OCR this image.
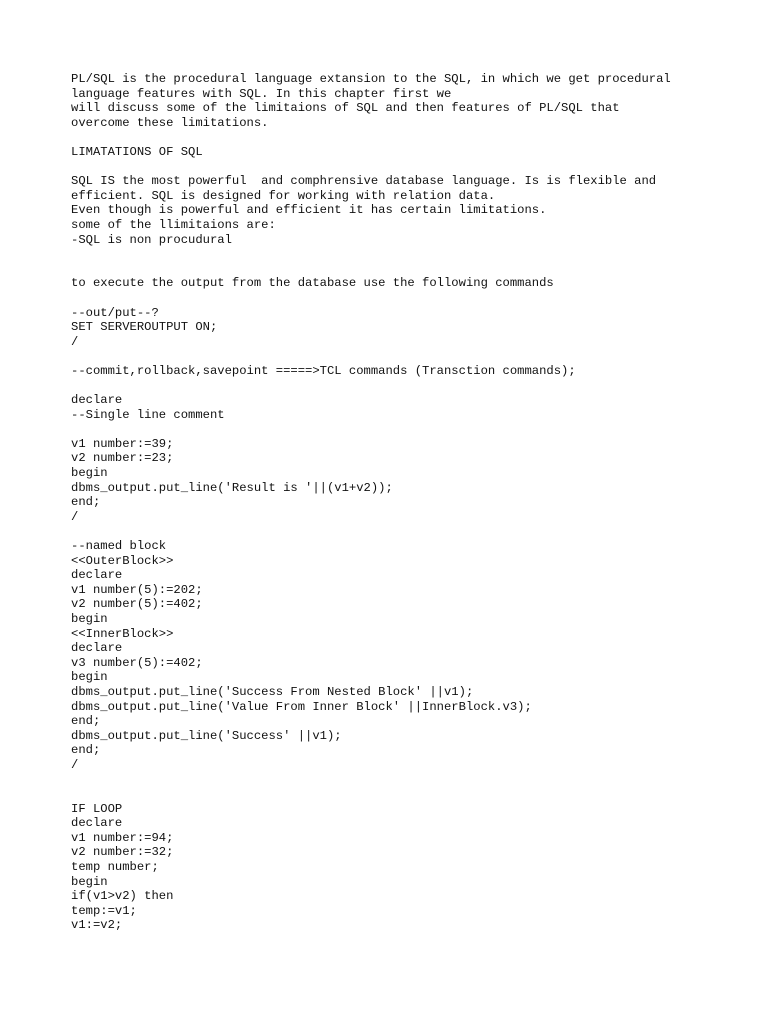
PL/SQL is the procedural language extansion to the SQL, in which we get procedural
language features with SQL. In this chapter first we
will discuss some of the limitaions of SQL and then features of PL/SQL that
overcome these limitations.
LIMATATIONS OF SQL
SQL IS the most powerful  and comphrensive database language. Is is flexible and
efficient. SQL is designed for working with relation data.
Even though is powerful and efficient it has certain limitations.
some of the llimitaions are:
-SQL is non procudural
to execute the output from the database use the following commands
--out/put--?
SET SERVEROUTPUT ON;
/
--commit,rollback,savepoint =====>TCL commands (Transction commands);
declare
--Single line comment
v1 number:=39;
v2 number:=23;
begin
dbms_output.put_line('Result is '||(v1+v2));
end;
/
--named block
<<OuterBlock>>
declare
v1 number(5):=202;
v2 number(5):=402;
begin
<<InnerBlock>>
declare
v3 number(5):=402;
begin
dbms_output.put_line('Success From Nested Block' ||v1);
dbms_output.put_line('Value From Inner Block' ||InnerBlock.v3);
end;
dbms_output.put_line('Success' ||v1);
end;
/
IF LOOP
declare
v1 number:=94;
v2 number:=32;
temp number;
begin
if(v1>v2) then
temp:=v1;
v1:=v2;
